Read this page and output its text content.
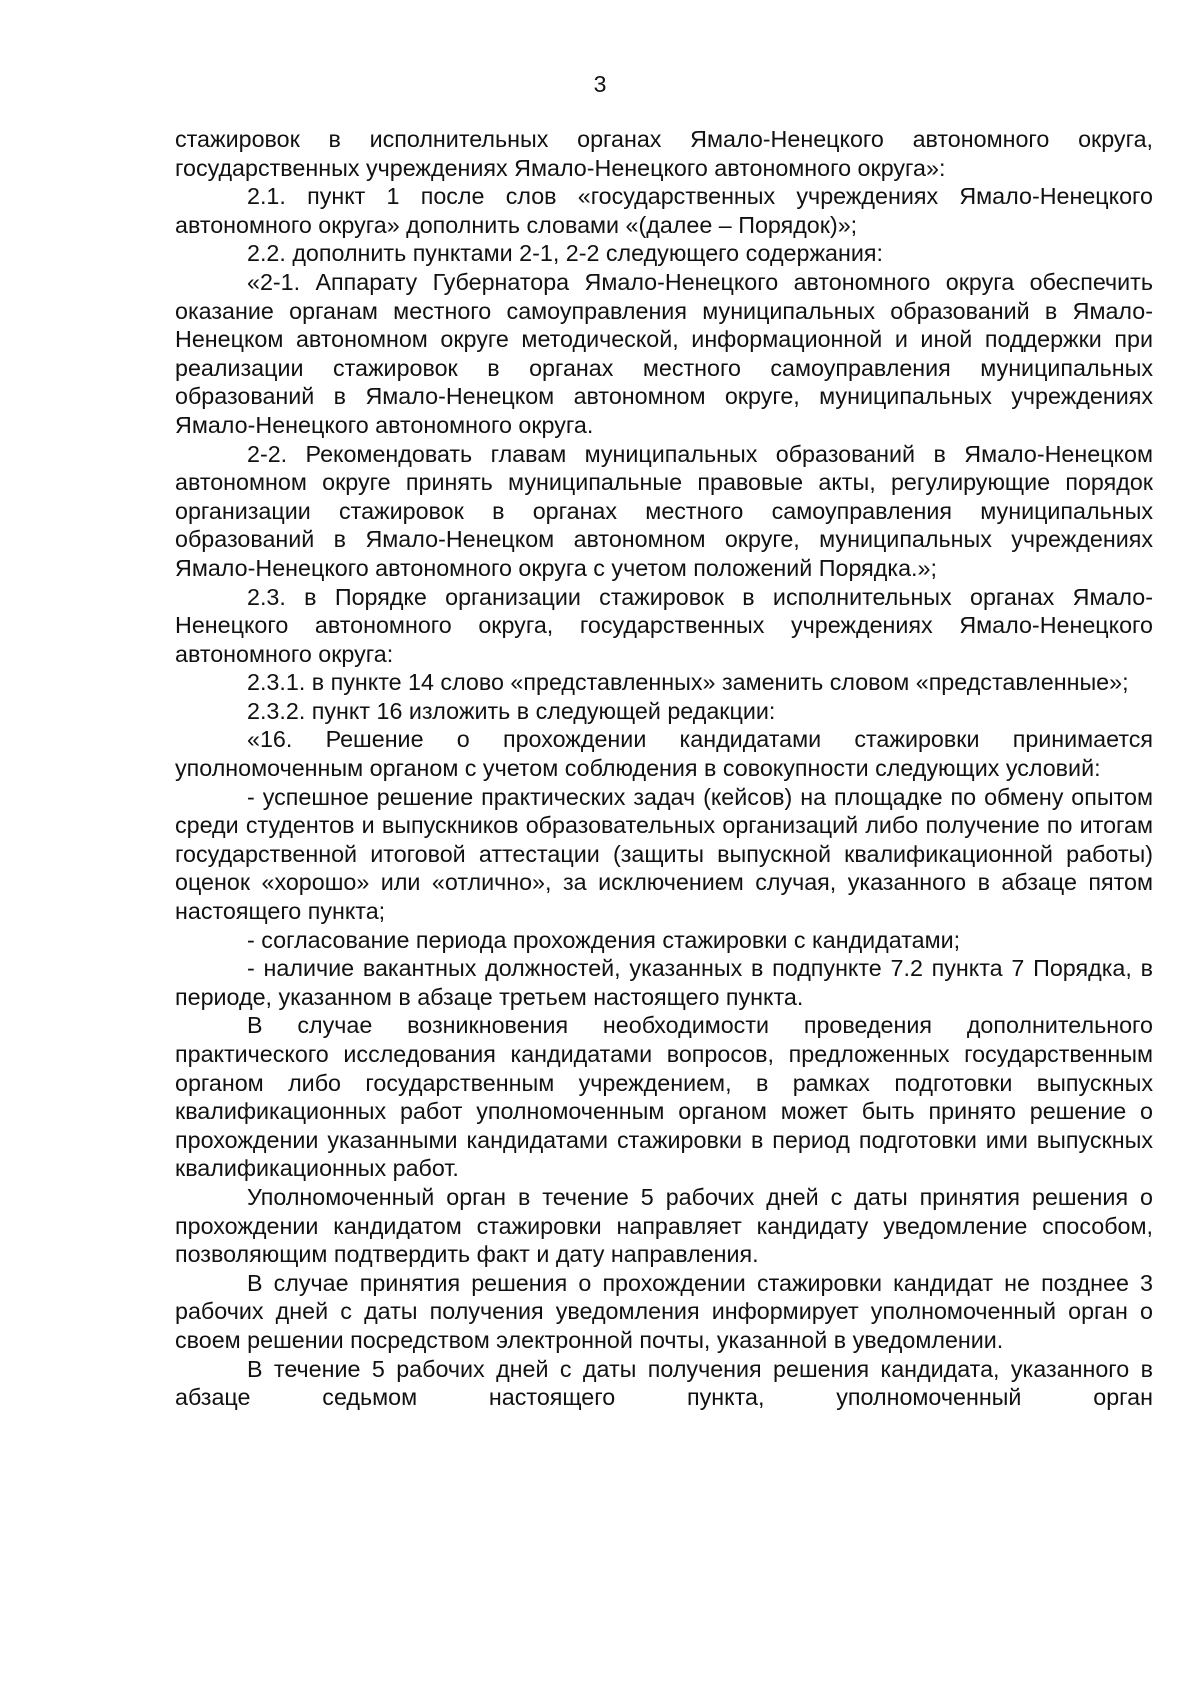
3

стажировок в исполнительных органах Ямало-Ненецкого автономного округа, государственных учреждениях Ямало-Ненецкого автономного округа»:

2.1. пункт 1 после слов «государственных учреждениях Ямало-Ненецкого автономного округа» дополнить словами «(далее – Порядок)»;

2.2. дополнить пунктами 2-1, 2-2 следующего содержания:

«2-1. Аппарату Губернатора Ямало-Ненецкого автономного округа обеспечить оказание органам местного самоуправления муниципальных образований в Ямало-Ненецком автономном округе методической, информационной и иной поддержки при реализации стажировок в органах местного самоуправления муниципальных образований в Ямало-Ненецком автономном округе, муниципальных учреждениях Ямало-Ненецкого автономного округа.

2-2. Рекомендовать главам муниципальных образований в Ямало-Ненецком автономном округе принять муниципальные правовые акты, регулирующие порядок организации стажировок в органах местного самоуправления муниципальных образований в Ямало-Ненецком автономном округе, муниципальных учреждениях Ямало-Ненецкого автономного округа с учетом положений Порядка.»;

2.3. в Порядке организации стажировок в исполнительных органах Ямало-Ненецкого автономного округа, государственных учреждениях Ямало-Ненецкого автономного округа:

2.3.1. в пункте 14 слово «представленных» заменить словом «представленные»;

2.3.2. пункт 16 изложить в следующей редакции:

«16. Решение о прохождении кандидатами стажировки принимается уполномоченным органом с учетом соблюдения в совокупности следующих условий:

- успешное решение практических задач (кейсов) на площадке по обмену опытом среди студентов и выпускников образовательных организаций либо получение по итогам государственной итоговой аттестации (защиты выпускной квалификационной работы) оценок «хорошо» или «отлично», за исключением случая, указанного в абзаце пятом настоящего пункта;

- согласование периода прохождения стажировки с кандидатами;

- наличие вакантных должностей, указанных в подпункте 7.2 пункта 7 Порядка, в периоде, указанном в абзаце третьем настоящего пункта.

В случае возникновения необходимости проведения дополнительного практического исследования кандидатами вопросов, предложенных государственным органом либо государственным учреждением, в рамках подготовки выпускных квалификационных работ уполномоченным органом может быть принято решение о прохождении указанными кандидатами стажировки в период подготовки ими выпускных квалификационных работ.

Уполномоченный орган в течение 5 рабочих дней с даты принятия решения о прохождении кандидатом стажировки направляет кандидату уведомление способом, позволяющим подтвердить факт и дату направления.

В случае принятия решения о прохождении стажировки кандидат не позднее 3 рабочих дней с даты получения уведомления информирует уполномоченный орган о своем решении посредством электронной почты, указанной в уведомлении.

В течение 5 рабочих дней с даты получения решения кандидата, указанного в абзаце седьмом настоящего пункта, уполномоченный орган
